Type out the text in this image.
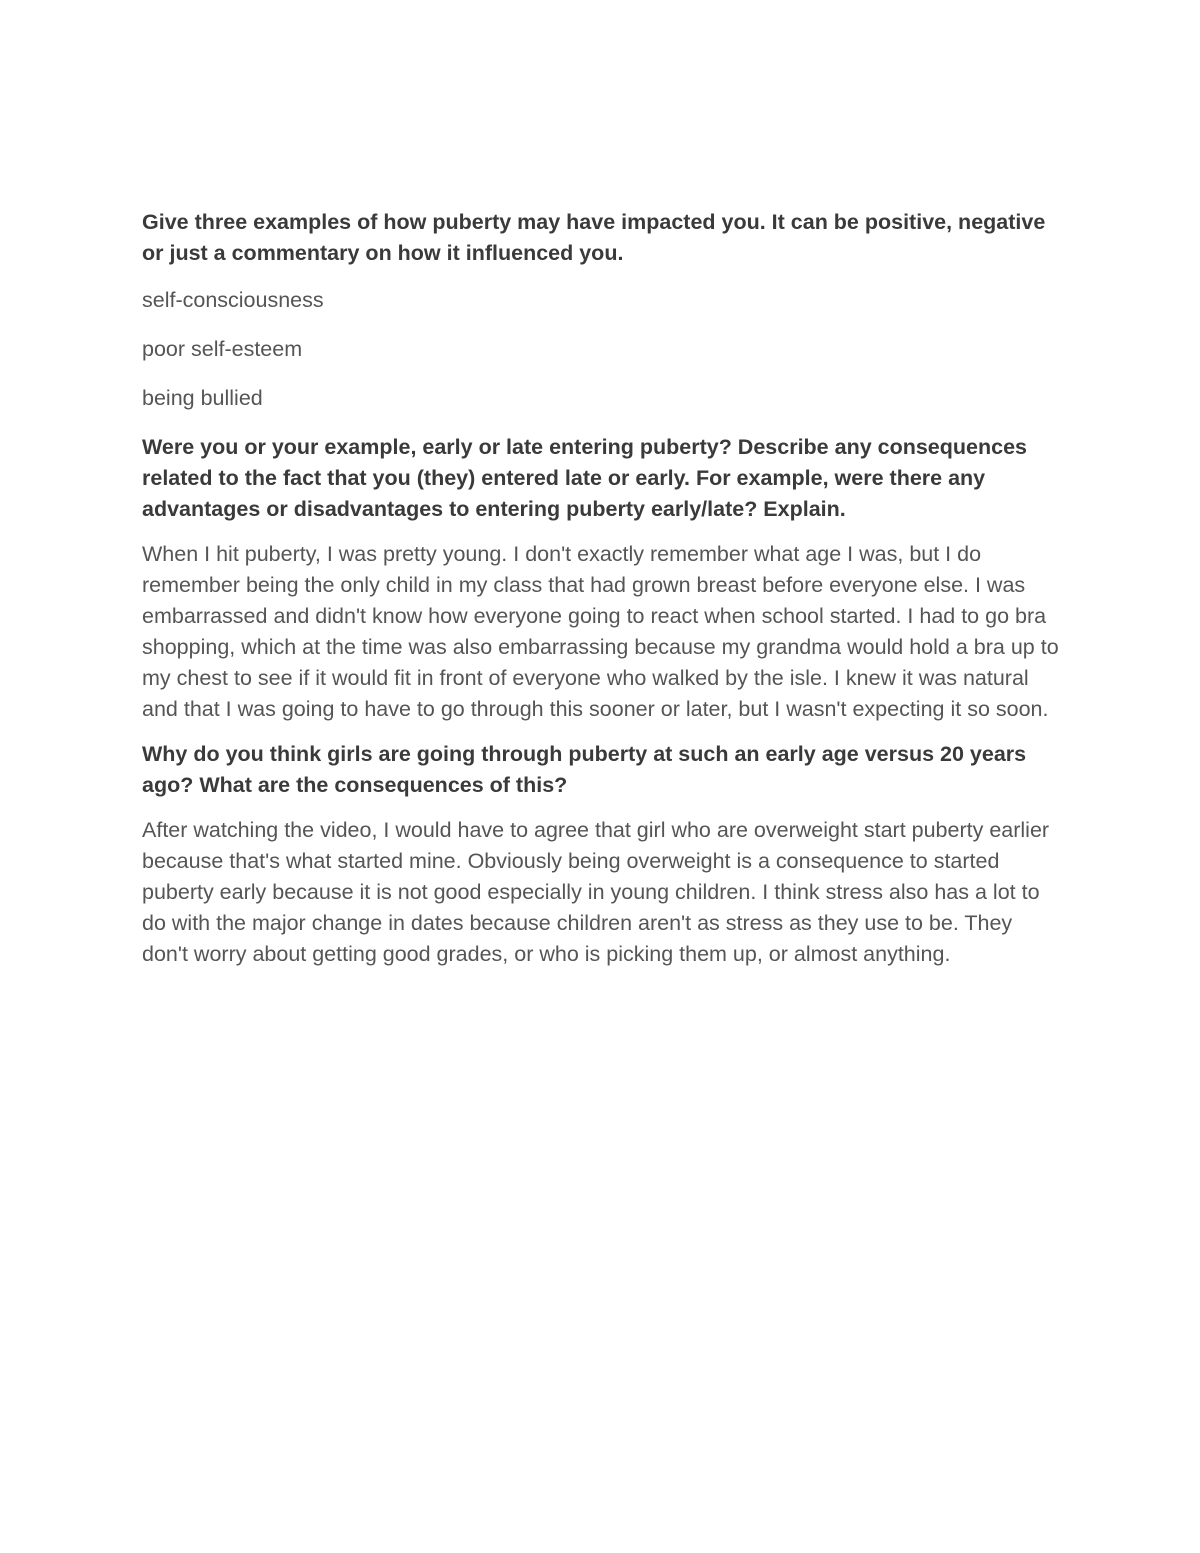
Give three examples of how puberty may have impacted you. It can be positive, negative or just a commentary on how it influenced you.

self-consciousness

poor self-esteem

being bullied

Were you or your example, early or late entering puberty? Describe any consequences related to the fact that you (they) entered late or early. For example, were there any advantages or disadvantages to entering puberty early/late? Explain.

When I hit puberty, I was pretty young. I don't exactly remember what age I was, but I do remember being the only child in my class that had grown breast before everyone else. I was embarrassed and didn't know how everyone going to react when school started. I had to go bra shopping, which at the time was also embarrassing because my grandma would hold a bra up to my chest to see if it would fit in front of everyone who walked by the isle. I knew it was natural and that I was going to have to go through this sooner or later, but I wasn't expecting it so soon.

Why do you think girls are going through puberty at such an early age versus 20 years ago? What are the consequences of this?

After watching the video, I would have to agree that girl who are overweight start puberty earlier because that's what started mine. Obviously being overweight is a consequence to started puberty early because it is not good especially in young children. I think stress also has a lot to do with the major change in dates because children aren't as stress as they use to be. They don't worry about getting good grades, or who is picking them up, or almost anything.
